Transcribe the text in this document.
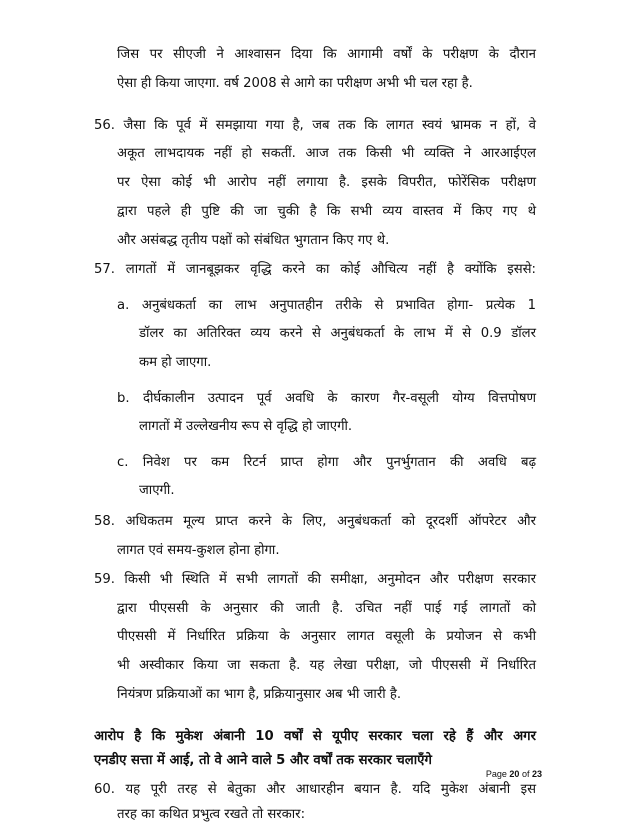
जिस पर सीएजी ने आश्वासन दिया कि आगामी वर्षों के परीक्षण के दौरान
ऐसा ही किया जाएगा. वर्ष 2008 से आगे का परीक्षण अभी भी चल रहा है.
56. जैसा कि पूर्व में समझाया गया है, जब तक कि लागत स्वयं भ्रामक न हों, वे
अकूत लाभदायक नहीं हो सकतीं. आज तक किसी भी व्यक्ति ने आरआईएल
पर ऐसा कोई भी आरोप नहीं लगाया है. इसके विपरीत, फोरेंसिक परीक्षण
द्वारा पहले ही पुष्टि की जा चुकी है कि सभी व्यय वास्तव में किए गए थे
और असंबद्ध तृतीय पक्षों को संबंधित भुगतान किए गए थे.
57. लागतों में जानबूझकर वृद्धि करने का कोई औचित्य नहीं है क्योंकि इससे:
a. अनुबंधकर्ता का लाभ अनुपातहीन तरीके से प्रभावित होगा- प्रत्येक 1
डॉलर का अतिरिक्त व्यय करने से अनुबंधकर्ता के लाभ में से 0.9 डॉलर
कम हो जाएगा.
b. दीर्घकालीन उत्पादन पूर्व अवधि के कारण गैर-वसूली योग्य वित्तपोषण
लागतों में उल्लेखनीय रूप से वृद्धि हो जाएगी.
c. निवेश पर कम रिटर्न प्राप्त होगा और पुनर्भुगतान की अवधि बढ़
जाएगी.
58. अधिकतम मूल्य प्राप्त करने के लिए, अनुबंधकर्ता को दूरदर्शी ऑपरेटर और
लागत एवं समय-कुशल होना होगा.
59. किसी भी स्थिति में सभी लागतों की समीक्षा, अनुमोदन और परीक्षण सरकार
द्वारा पीएससी के अनुसार की जाती है. उचित नहीं पाई गई लागतों को
पीएससी में निर्धारित प्रक्रिया के अनुसार लागत वसूली के प्रयोजन से कभी
भी अस्वीकार किया जा सकता है. यह लेखा परीक्षा, जो पीएससी में निर्धारित
नियंत्रण प्रक्रियाओं का भाग है, प्रक्रियानुसार अब भी जारी है.
आरोप है कि मुकेश अंबानी 10 वर्षों से यूपीए सरकार चला रहे हैं और अगर
एनडीए सत्ता में आई, तो वे आने वाले 5 और वर्षों तक सरकार चलाएँगे
60. यह पूरी तरह से बेतुका और आधारहीन बयान है. यदि मुकेश अंबानी इस
तरह का कथित प्रभुत्व रखते तो सरकार:
Page 20 of 23
